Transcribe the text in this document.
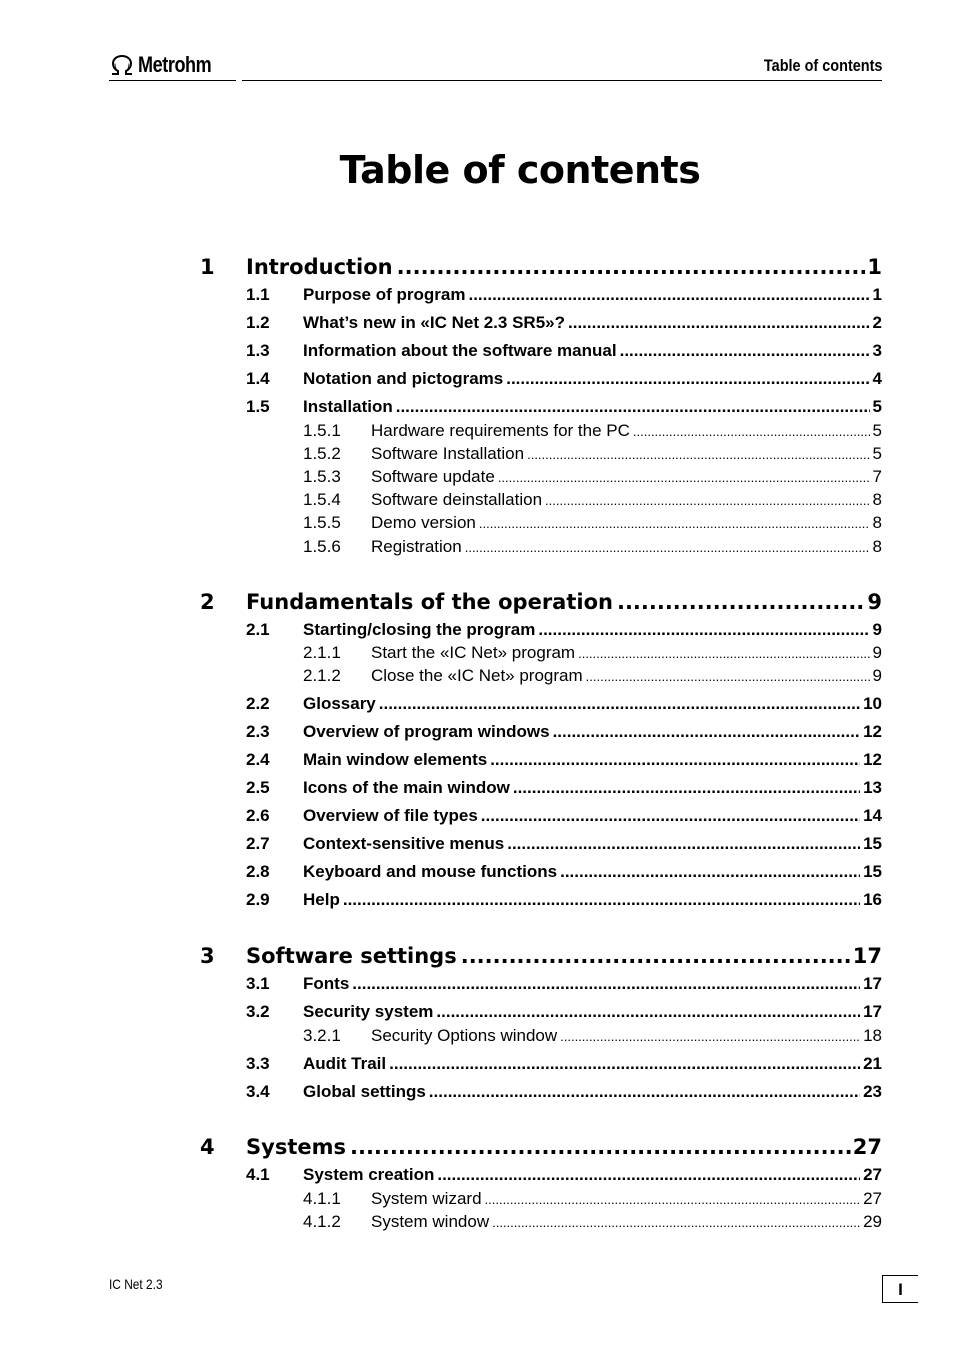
Metrohm	Table of contents
Table of contents
1 Introduction .....	1
1.1 Purpose of program .....	1
1.2 What’s new in «IC Net 2.3 SR5»? .....	2
1.3 Information about the software manual .....	3
1.4 Notation and pictograms .....	4
1.5 Installation .....	5
1.5.1 Hardware requirements for the PC .....	5
1.5.2 Software Installation .....	5
1.5.3 Software update .....	7
1.5.4 Software deinstallation .....	8
1.5.5 Demo version .....	8
1.5.6 Registration .....	8
2 Fundamentals of the operation .....	9
2.1 Starting/closing the program .....	9
2.1.1 Start the «IC Net» program .....	9
2.1.2 Close the «IC Net» program .....	9
2.2 Glossary .....	10
2.3 Overview of program windows .....	12
2.4 Main window elements .....	12
2.5 Icons of the main window .....	13
2.6 Overview of file types .....	14
2.7 Context-sensitive menus .....	15
2.8 Keyboard and mouse functions .....	15
2.9 Help .....	16
3 Software settings .....	17
3.1 Fonts .....	17
3.2 Security system .....	17
3.2.1 Security Options window .....	18
3.3 Audit Trail .....	21
3.4 Global settings .....	23
4 Systems .....	27
4.1 System creation .....	27
4.1.1 System wizard .....	27
4.1.2 System window .....	29
IC Net 2.3	I
